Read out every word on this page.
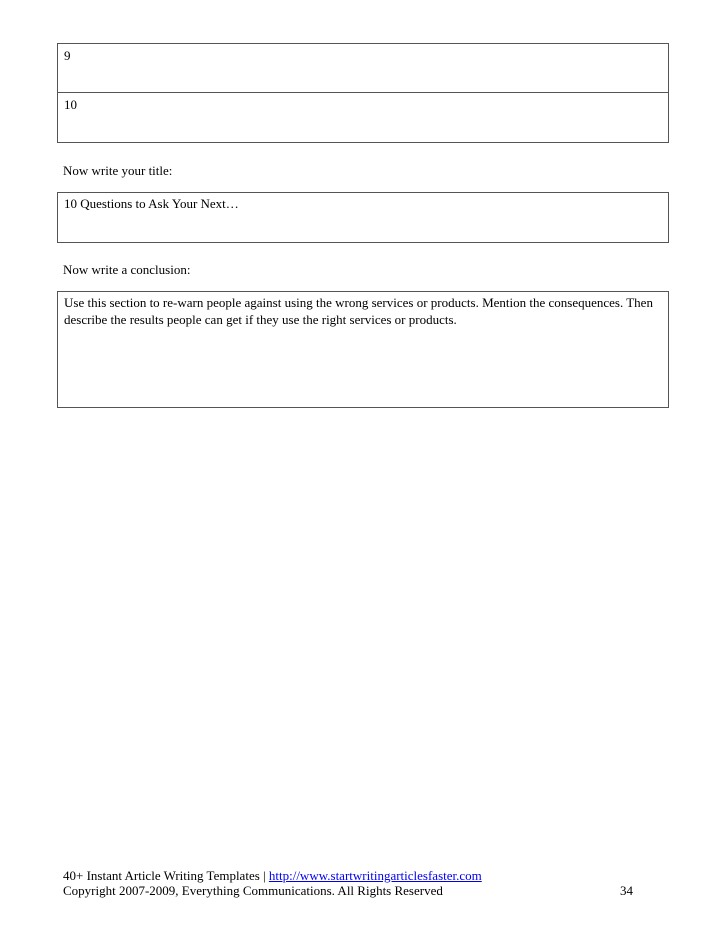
9
10
Now write your title:
10 Questions to Ask Your Next…
Now write a conclusion:
Use this section to re-warn people against using the wrong services or products. Mention the consequences. Then describe the results people can get if they use the right services or products.
40+ Instant Article Writing Templates | http://www.startwritingarticlesfaster.com
Copyright 2007-2009, Everything Communications. All Rights Reserved	34
